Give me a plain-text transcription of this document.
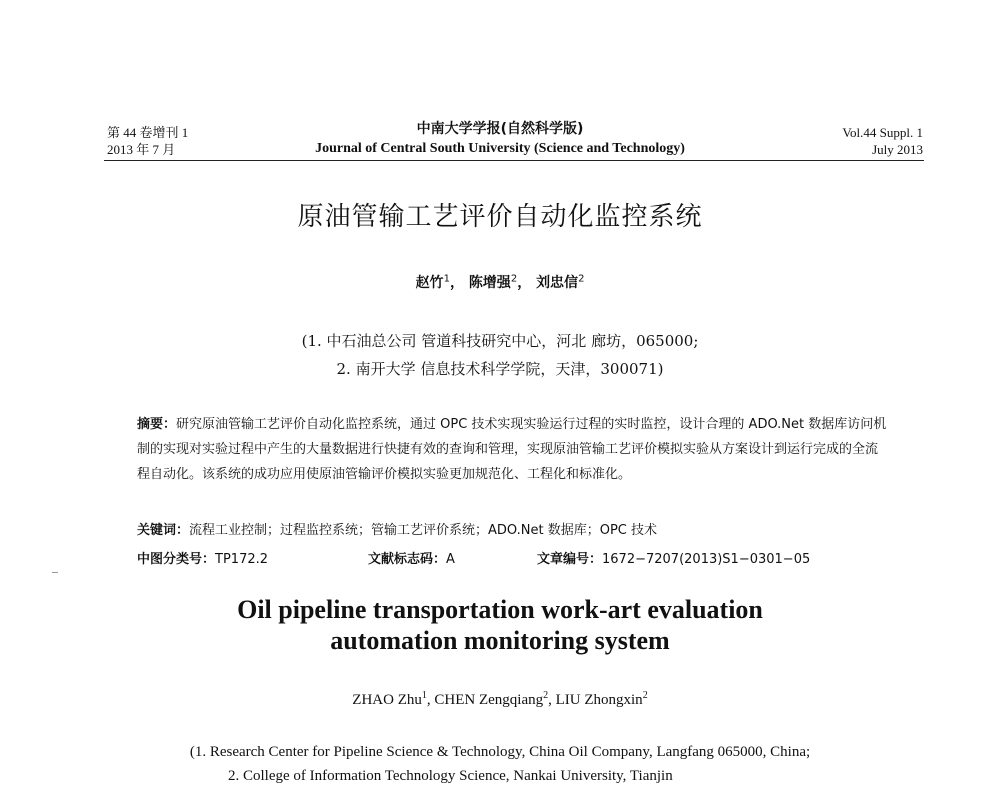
第 44 卷增刊 1
2013 年 7 月
中南大学学报(自然科学版)
Journal of Central South University (Science and Technology)
Vol.44 Suppl. 1
July 2013
原油管输工艺评价自动化监控系统
赵竹$^1$， 陈增强$^2$， 刘忠信$^2$
(1. 中石油总公司 管道科技研究中心，河北 廊坊，065000;
2. 南开大学 信息技术科学学院，天津，300071)
摘要：研究原油管输工艺评价自动化监控系统，通过 OPC 技术实现实验运行过程的实时监控，设计合理的 ADO.Net 数据库访问机制的实现对实验过程中产生的大量数据进行快捷有效的查询和管理，实现原油管输工艺评价模拟实验从方案设计到运行完成的全流程自动化。该系统的成功应用使原油管输评价模拟实验更加规范化、工程化和标准化。
关键词：流程工业控制；过程监控系统；管输工艺评价系统；ADO.Net 数据库；OPC 技术
中图分类号：TP172.2	文献标志码：A	文章编号：1672−7207(2013)S1−0301−05
Oil pipeline transportation work-art evaluation
automation monitoring system
ZHAO Zhu$^1$, CHEN Zengqiang$^2$, LIU Zhongxin$^2$
(1. Research Center for Pipeline Science & Technology, China Oil Company, Langfang 065000, China;
2. College of Information Technology Science, Nankai University, Tianjin
